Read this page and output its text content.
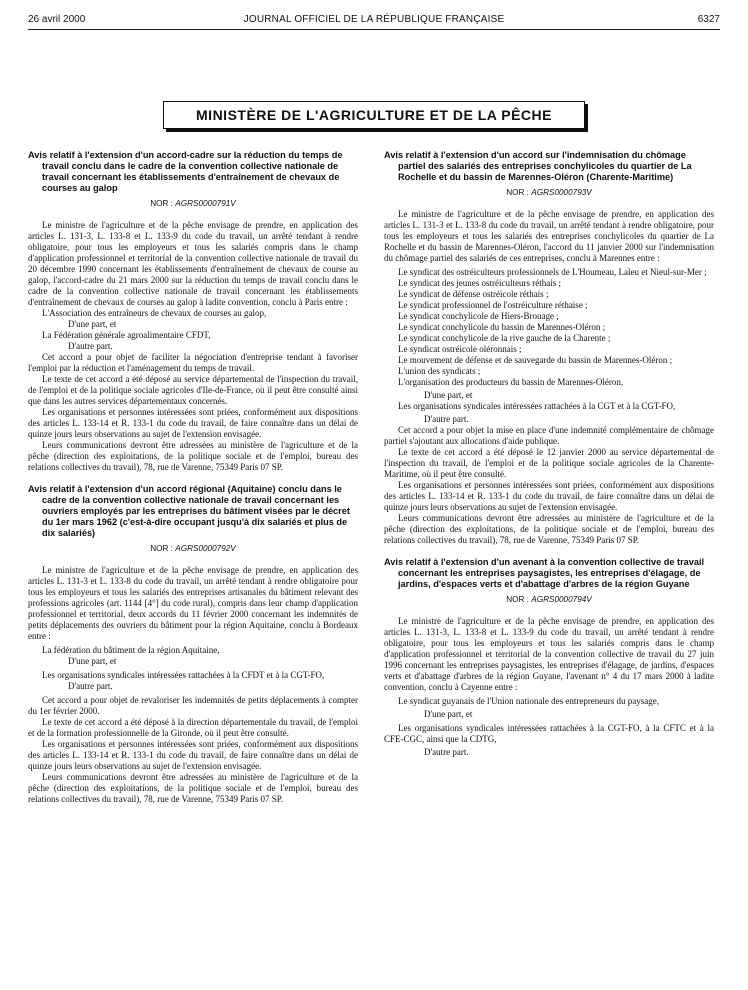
26 avril 2000	JOURNAL OFFICIEL DE LA RÉPUBLIQUE FRANÇAISE	6327
MINISTÈRE DE L'AGRICULTURE ET DE LA PÊCHE
Avis relatif à l'extension d'un accord-cadre sur la réduction du temps de travail conclu dans le cadre de la convention collective nationale de travail concernant les établissements d'entraînement de chevaux de courses au galop
NOR : AGRS0000791V

Le ministre de l'agriculture et de la pêche envisage de prendre, en application des articles L. 131-3, L. 133-8 et L. 133-9 du code du travail, un arrêté tendant à rendre obligatoire, pour tous les employeurs et tous les salariés compris dans le champ d'application professionnel et territorial de la convention collective nationale de travail du 20 décembre 1990 concernant les établissements d'entraînement de chevaux de course au galop, l'accord-cadre du 21 mars 2000 sur la réduction du temps de travail conclu dans le cadre de la convention collective nationale de travail concernant les établissements d'entraînement de chevaux de courses au galop à ladite convention, conclu à Paris entre :

L'Association des entraîneurs de chevaux de courses au galop,

D'une part, et

La Fédération générale agroalimentaire CFDT,

D'autre part.

Cet accord a pour objet de faciliter la négociation d'entreprise tendant à favoriser l'emploi par la réduction et l'aménagement du temps de travail.

Le texte de cet accord a été déposé au service départemental de l'inspection du travail, de l'emploi et de la politique sociale agricoles d'Ile-de-France, où il peut être consulté ainsi que dans les autres services départementaux concernés.

Les organisations et personnes intéressées sont priées, conformément aux dispositions des articles L. 133-14 et R. 133-1 du code du travail, de faire connaître dans un délai de quinze jours leurs observations au sujet de l'extension envisagée.

Leurs communications devront être adressées au ministère de l'agriculture et de la pêche (direction des exploitations, de la politique sociale et de l'emploi, bureau des relations collectives du travail), 78, rue de Varenne, 75349 Paris 07 SP.

Avis relatif à l'extension d'un accord régional (Aquitaine) conclu dans le cadre de la convention collective nationale de travail concernant les ouvriers employés par les entreprises du bâtiment visées par le décret du 1er mars 1962 (c'est-à-dire occupant jusqu'à dix salariés et plus de dix salariés)
NOR : AGRS0000792V

Le ministre de l'agriculture et de la pêche envisage de prendre, en application des articles L. 131-3 et L. 133-8 du code du travail, un arrêté tendant à rendre obligatoire pour tous les employeurs et tous les salariés des entreprises artisanales du bâtiment relevant des professions agricoles (art. 1144 [4°] du code rural), compris dans leur champ d'application professionnel et territorial, deux accords du 11 février 2000 concernant les indemnités de petits déplacements des ouvriers du bâtiment pour la région Aquitaine, conclu à Bordeaux entre :

La fédération du bâtiment de la région Aquitaine,

D'une part, et

Les organisations syndicales intéressées rattachées à la CFDT et à la CGT-FO,

D'autre part.

Cet accord a pour objet de revaloriser les indemnités de petits déplacements à compter du 1er février 2000.

Le texte de cet accord a été déposé à la direction départementale du travail, de l'emploi et de la formation professionnelle de la Gironde, où il peut être consulté.

Les organisations et personnes intéressées sont priées, conformément aux dispositions des articles L. 133-14 et R. 133-1 du code du travail, de faire connaître dans un délai de quinze jours leurs observations au sujet de l'extension envisagée.

Leurs communications devront être adressées au ministère de l'agriculture et de la pêche (direction des exploitations, de la politique sociale et de l'emploi, bureau des relations collectives du travail), 78, rue de Varenne, 75349 Paris 07 SP.

Avis relatif à l'extension d'un accord sur l'indemnisation du chômage partiel des salariés des entreprises conchylicoles du quartier de La Rochelle et du bassin de Marennes-Oléron (Charente-Maritime)
NOR : AGRS0000793V

Le ministre de l'agriculture et de la pêche envisage de prendre, en application des articles L. 131-3 et L. 133-8 du code du travail, un arrêté tendant à rendre obligatoire, pour tous les employeurs et tous les salariés des entreprises conchylicoles du quartier de La Rochelle et du bassin de Marennes-Oléron, l'accord du 11 janvier 2000 sur l'indemnisation du chômage partiel des salariés de ces entreprises, conclu à Marennes entre :

Le syndicat des ostréiculteurs professionnels de L'Houmeau, Laleu et Nieul-sur-Mer ;

Le syndicat des jeunes ostréiculteurs réthais ;

Le syndicat de défense ostréicole réthais ;

Le syndicat professionnel de l'ostréiculture réthaise ;

Le syndicat conchylicole de Hiers-Brouage ;

Le syndicat conchylicole du bassin de Marennes-Oléron ;

Le syndicat conchylicole de la rive gauche de la Charente ;

Le syndicat ostréicole oléronnais ;

Le mouvement de défense et de sauvegarde du bassin de Marennes-Oléron ;

L'union des syndicats ;

L'organisation des producteurs du bassin de Marennes-Oléron,

D'une part, et

Les organisations syndicales intéressées rattachées à la CGT et à la CGT-FO,

D'autre part.

Cet accord a pour objet la mise en place d'une indemnité complémentaire de chômage partiel s'ajoutant aux allocations d'aide publique.

Le texte de cet accord a été déposé le 12 janvier 2000 au service départemental de l'inspection du travail, de l'emploi et de la politique sociale agricoles de la Charente-Maritime, où il peut être consulté.

Les organisations et personnes intéressées sont priées, conformément aux dispositions des articles L. 133-14 et R. 133-1 du code du travail, de faire connaître dans un délai de quinze jours leurs observations au sujet de l'extension envisagée.

Leurs communications devront être adressées au ministère de l'agriculture et de la pêche (direction des exploitations, de la politique sociale et de l'emploi, bureau des relations collectives du travail), 78, rue de Varenne, 75349 Paris 07 SP.

Avis relatif à l'extension d'un avenant à la convention collective de travail concernant les entreprises paysagistes, les entreprises d'élagage, de jardins, d'espaces verts et d'abattage d'arbres de la région Guyane
NOR : AGRS0000794V

Le ministre de l'agriculture et de la pêche envisage de prendre, en application des articles L. 131-3, L. 133-8 et L. 133-9 du code du travail, un arrêté tendant à rendre obligatoire, pour tous les employeurs et tous les salariés compris dans le champ d'application professionnel et territorial de la convention collective de travail du 27 juin 1996 concernant les entreprises paysagistes, les entreprises d'élagage, de jardins, d'espaces verts et d'abattage d'arbres de la région Guyane, l'avenant n° 4 du 17 mars 2000 à ladite convention, conclu à Cayenne entre :

Le syndicat guyanais de l'Union nationale des entrepreneurs du paysage,

D'une part, et

Les organisations syndicales intéressées rattachées à la CGT-FO, à la CFTC et à la CFE-CGC, ainsi que la CDTG,

D'autre part.
